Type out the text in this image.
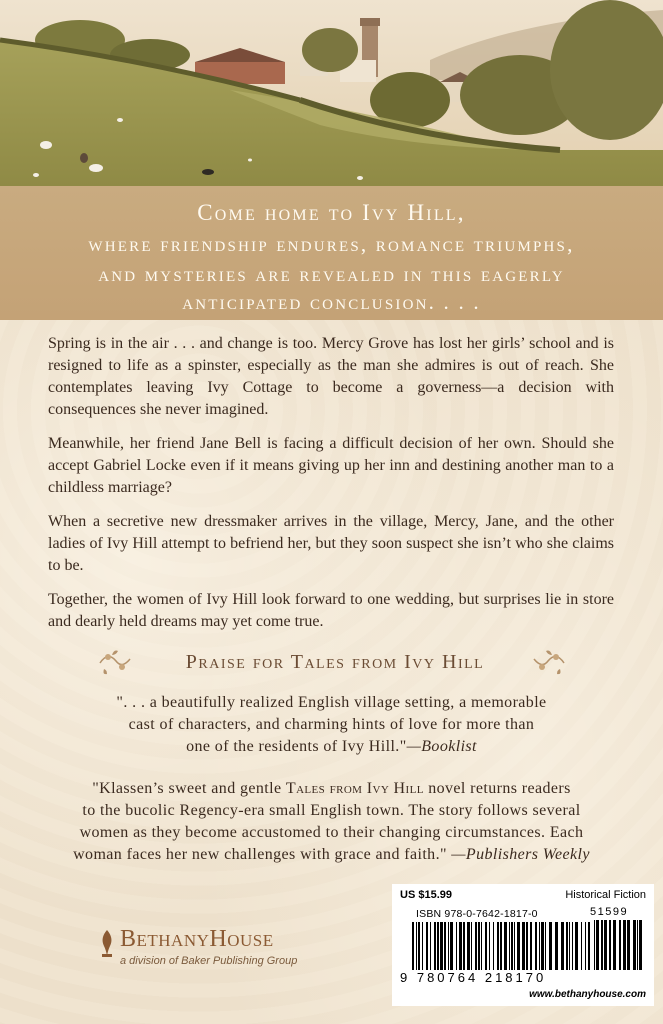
Come home to Ivy Hill,

where friendship endures, romance triumphs,

and mysteries are revealed in this eagerly

anticipated conclusion. . . .

Spring is in the air . . . and change is too. Mercy Grove has lost her girls’ school and is resigned to life as a spinster, especially as the man she admires is out of reach. She contemplates leaving Ivy Cottage to become a governess—a decision with consequences she never imagined.

Meanwhile, her friend Jane Bell is facing a difficult decision of her own. Should she accept Gabriel Locke even if it means giving up her inn and destining another man to a childless marriage?

When a secretive new dressmaker arrives in the village, Mercy, Jane, and the other ladies of Ivy Hill attempt to befriend her, but they soon suspect she isn’t who she claims to be.

Together, the women of Ivy Hill look forward to one wedding, but surprises lie in store and dearly held dreams may yet come true.

Praise for Tales from Ivy Hill
". . . a beautifully realized English village setting, a memorable
cast of characters, and charming hints of love for more than
one of the residents of Ivy Hill."—Booklist
"Klassen’s sweet and gentle Tales from Ivy Hill novel returns readers
to the bucolic Regency-era small English town. The story follows several
women as they become accustomed to their changing circumstances. Each
woman faces her new challenges with grace and faith." —Publishers Weekly
BethanyHouse
a division of Baker Publishing Group
US $15.99	Historical Fiction
ISBN 978-0-7642-1817-0
9 780764 218170
51599
www.bethanyhouse.com
